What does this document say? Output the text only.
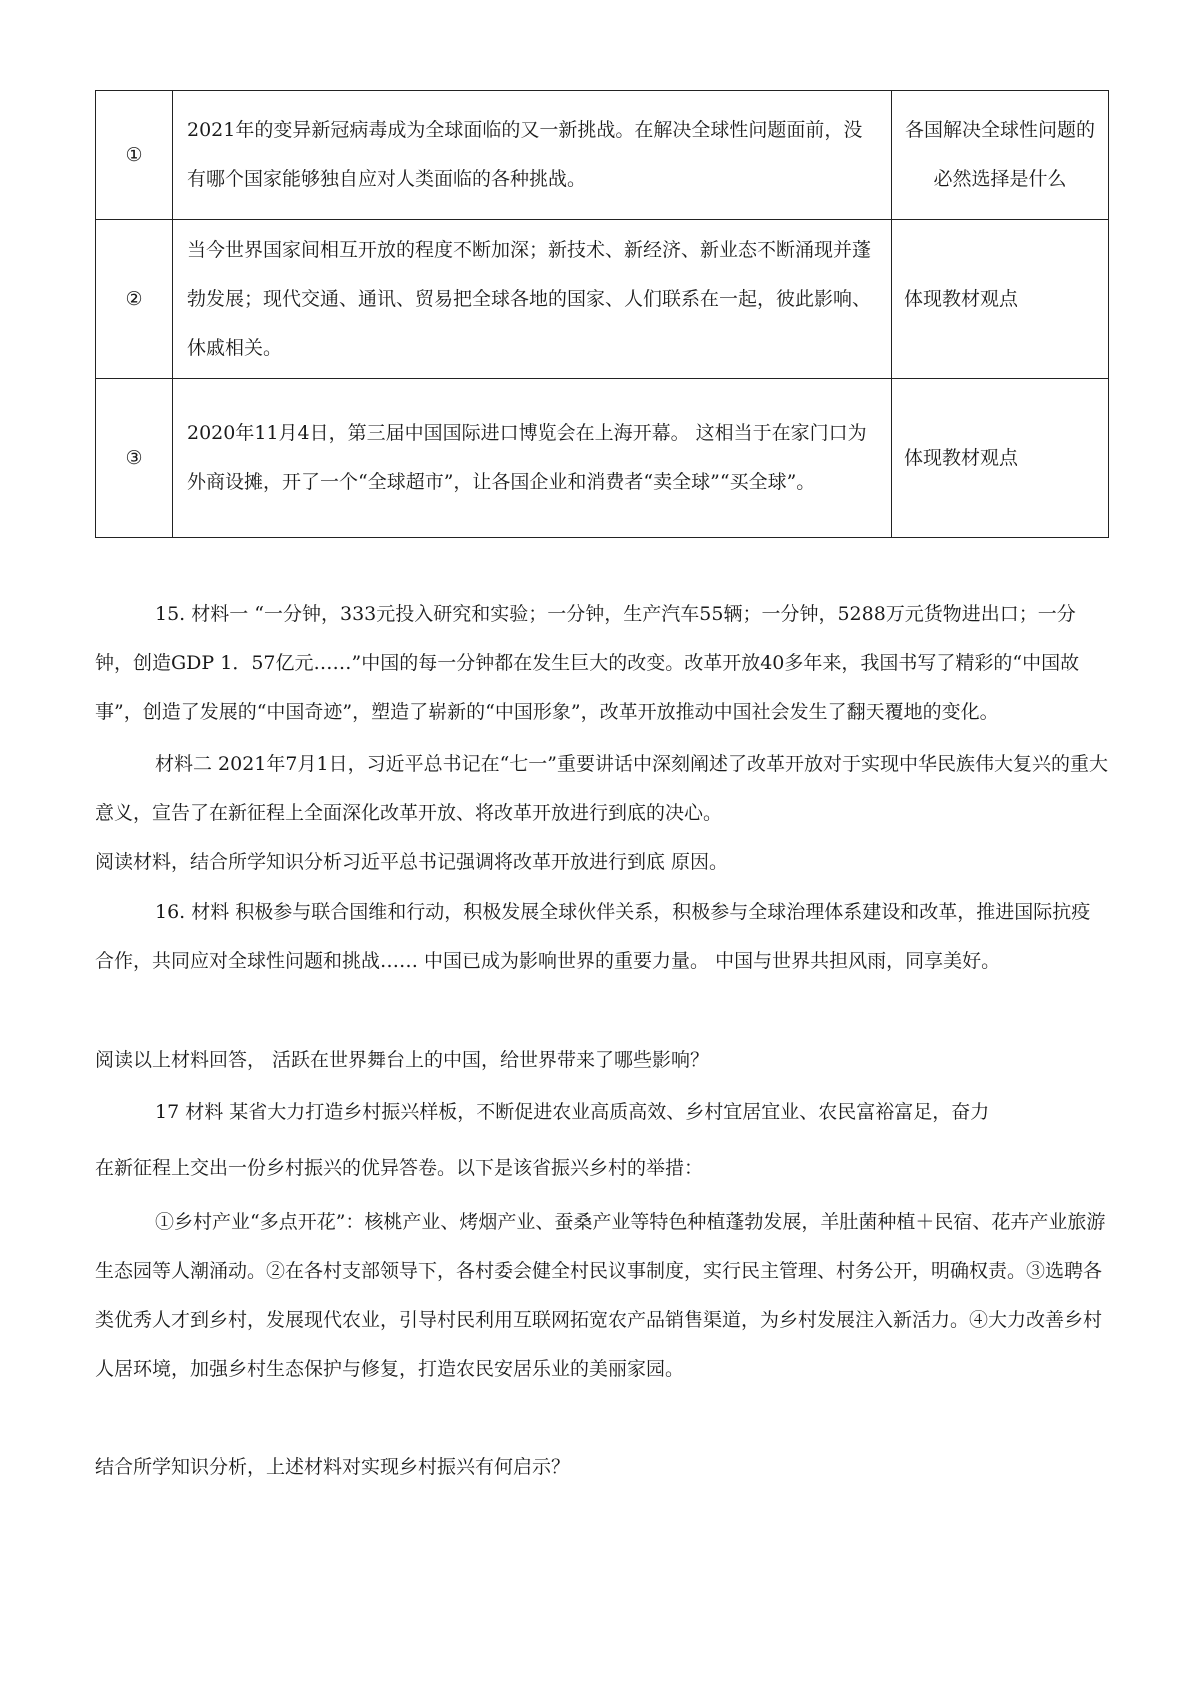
①	2021年的变异新冠病毒成为全球面临的又一新挑战。在解决全球性问题面前，没有哪个国家能够独自应对人类面临的各种挑战。	各国解决全球性问题的必然选择是什么
②	当今世界国家间相互开放的程度不断加深；新技术、新经济、新业态不断涌现并蓬勃发展；现代交通、通讯、贸易把全球各地的国家、人们联系在一起，彼此影响、休戚相关。	体现教材观点
③	2020年11月4日，第三届中国国际进口博览会在上海开幕。 这相当于在家门口为外商设摊，开了一个“全球超市”，让各国企业和消费者“卖全球”“买全球”。	体现教材观点

15. 材料一 “一分钟，333元投入研究和实验；一分钟，生产汽车55辆；一分钟，5288万元货物进出口；一分钟，创造GDP 1．57亿元……”中国的每一分钟都在发生巨大的改变。改革开放40多年来，我国书写了精彩的“中国故事”，创造了发展的“中国奇迹”，塑造了崭新的“中国形象”，改革开放推动中国社会发生了翻天覆地的变化。

材料二 2021年7月1日，习近平总书记在“七一”重要讲话中深刻阐述了改革开放对于实现中华民族伟大复兴的重大意义，宣告了在新征程上全面深化改革开放、将改革开放进行到底的决心。

阅读材料，结合所学知识分析习近平总书记强调将改革开放进行到底 原因。

16. 材料 积极参与联合国维和行动，积极发展全球伙伴关系，积极参与全球治理体系建设和改革，推进国际抗疫合作，共同应对全球性问题和挑战…… 中国已成为影响世界的重要力量。 中国与世界共担风雨，同享美好。

阅读以上材料回答， 活跃在世界舞台上的中国，给世界带来了哪些影响？

17 材料 某省大力打造乡村振兴样板，不断促进农业高质高效、乡村宜居宜业、农民富裕富足，奋力

在新征程上交出一份乡村振兴的优异答卷。以下是该省振兴乡村的举措：

①乡村产业“多点开花”：核桃产业、烤烟产业、蚕桑产业等特色种植蓬勃发展，羊肚菌种植＋民宿、花卉产业旅游生态园等人潮涌动。②在各村支部领导下，各村委会健全村民议事制度，实行民主管理、村务公开，明确权责。③选聘各类优秀人才到乡村，发展现代农业，引导村民利用互联网拓宽农产品销售渠道，为乡村发展注入新活力。④大力改善乡村人居环境，加强乡村生态保护与修复，打造农民安居乐业的美丽家园。

结合所学知识分析，上述材料对实现乡村振兴有何启示？
